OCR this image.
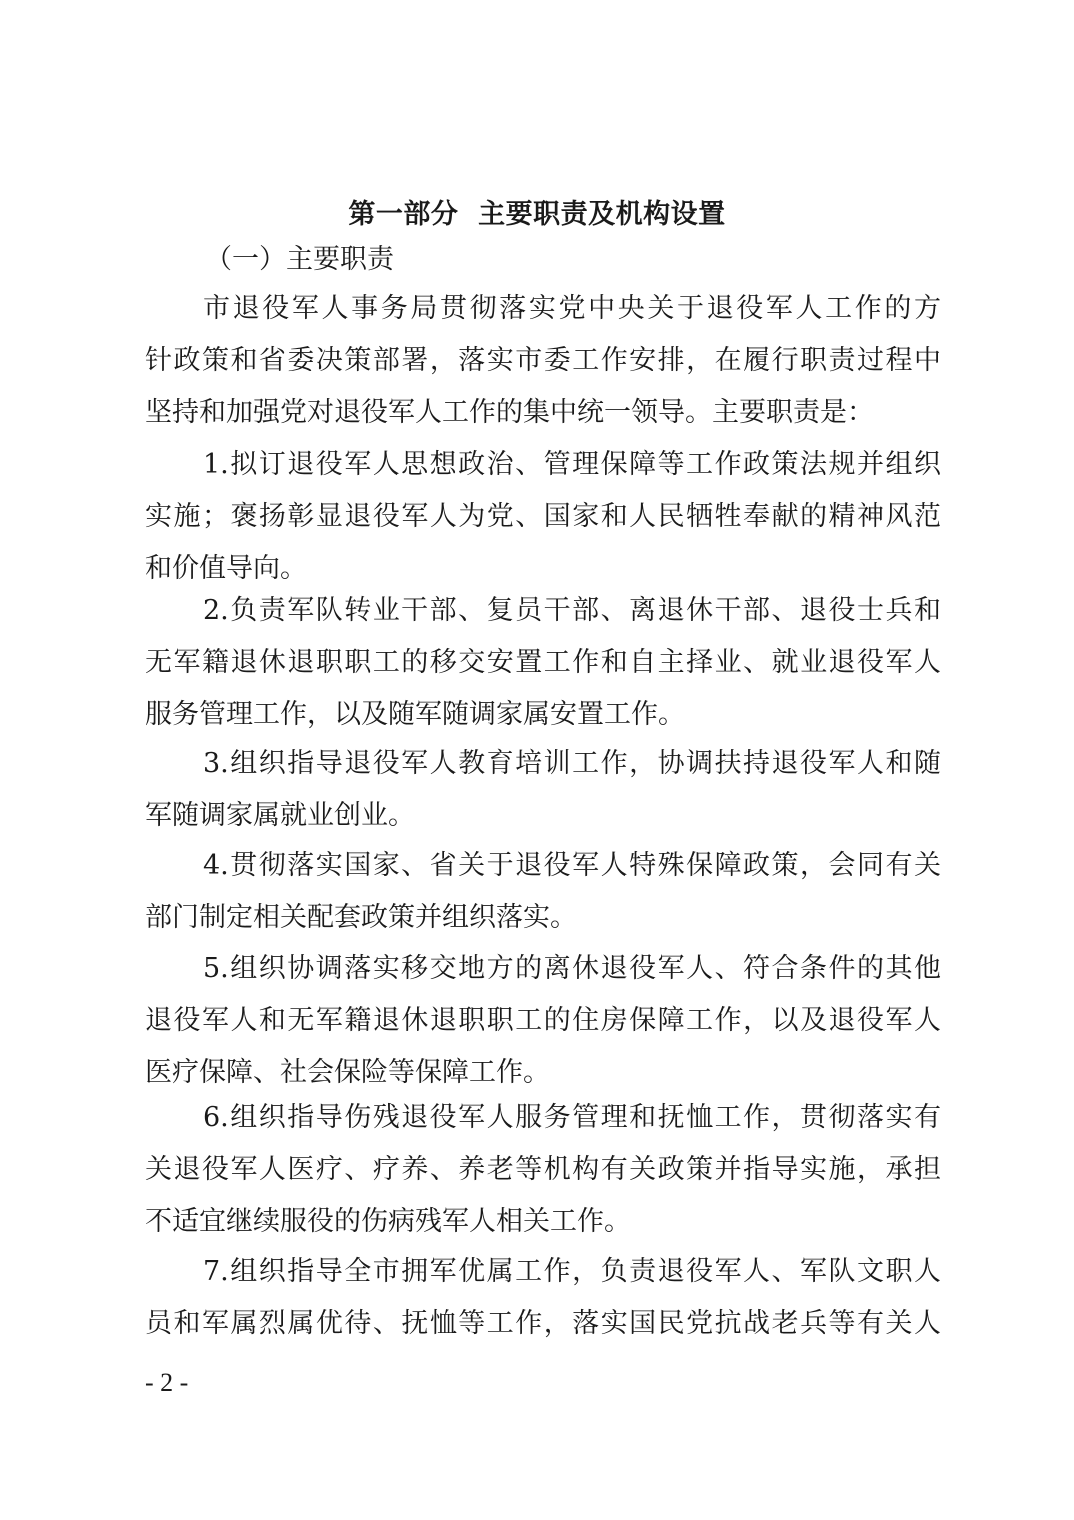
第一部分  主要职责及机构设置
（一）主要职责
市退役军人事务局贯彻落实党中央关于退役军人工作的方
针政策和省委决策部署，落实市委工作安排，在履行职责过程中
坚持和加强党对退役军人工作的集中统一领导。主要职责是：
1.拟订退役军人思想政治、管理保障等工作政策法规并组织
实施；褒扬彰显退役军人为党、国家和人民牺牲奉献的精神风范
和价值导向。
2.负责军队转业干部、复员干部、离退休干部、退役士兵和
无军籍退休退职职工的移交安置工作和自主择业、就业退役军人
服务管理工作，以及随军随调家属安置工作。
3.组织指导退役军人教育培训工作，协调扶持退役军人和随
军随调家属就业创业。
4.贯彻落实国家、省关于退役军人特殊保障政策，会同有关
部门制定相关配套政策并组织落实。
5.组织协调落实移交地方的离休退役军人、符合条件的其他
退役军人和无军籍退休退职职工的住房保障工作，以及退役军人
医疗保障、社会保险等保障工作。
6.组织指导伤残退役军人服务管理和抚恤工作，贯彻落实有
关退役军人医疗、疗养、养老等机构有关政策并指导实施，承担
不适宜继续服役的伤病残军人相关工作。
7.组织指导全市拥军优属工作，负责退役军人、军队文职人
员和军属烈属优待、抚恤等工作，落实国民党抗战老兵等有关人
- 2 -
